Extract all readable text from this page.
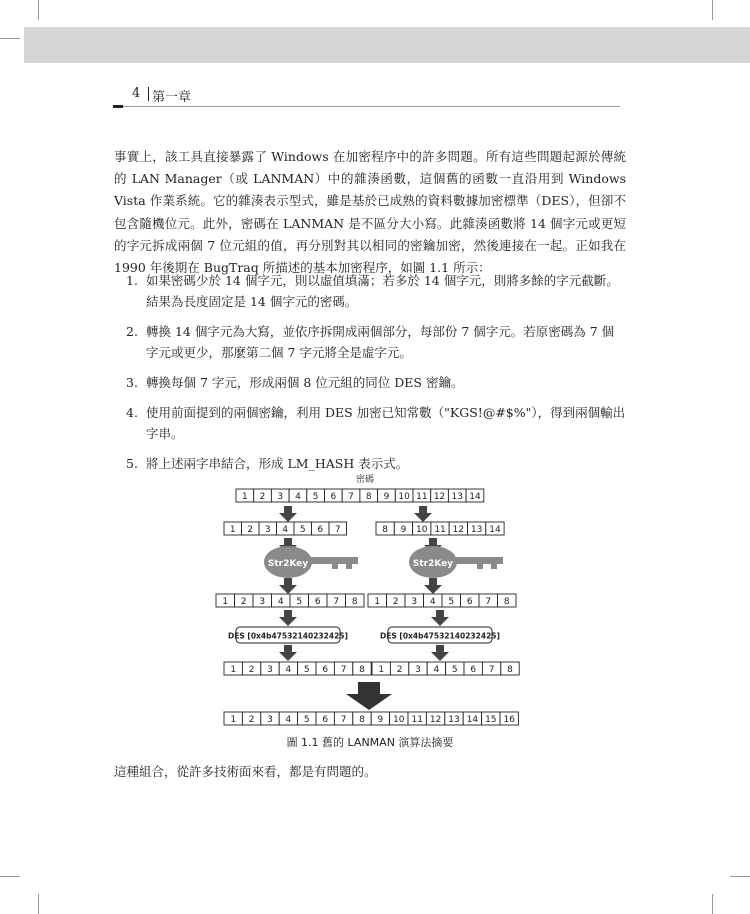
4 第一章
事實上，該工具直接暴露了 Windows 在加密程序中的許多問題。所有這些問題起源於傳統的 LAN Manager（或 LANMAN）中的雜湊函數，這個舊的函數一直沿用到 Windows Vista 作業系統。它的雜湊表示型式，雖是基於已成熟的資料數據加密標準（DES），但卻不包含隨機位元。此外，密碼在 LANMAN 是不區分大小寫。此雜湊函數將 14 個字元或更短的字元拆成兩個 7 位元組的值，再分別對其以相同的密鑰加密，然後連接在一起。正如我在 1990 年後期在 BugTraq 所描述的基本加密程序，如圖 1.1 所示：
1. 如果密碼少於 14 個字元，則以虛值填滿；若多於 14 個字元，則將多餘的字元截斷。結果為長度固定是 14 個字元的密碼。
2. 轉換 14 個字元為大寫，並依序拆開成兩個部分，每部份 7 個字元。若原密碼為 7 個字元或更少，那麼第二個 7 字元將全是虛字元。
3. 轉換每個 7 字元，形成兩個 8 位元組的同位 DES 密鑰。
4. 使用前面提到的兩個密鑰，利用 DES 加密已知常數（"KGS!@#$%"），得到兩個輸出字串。
5. 將上述兩字串結合，形成 LM_HASH 表示式。
密碼
1 2 3 4 5 6 7 8 9 10 11 12 13 14
1 2 3 4 5 6 7	8 9 10 11 12 13 14
Str2Key	Str2Key
1 2 3 4 5 6 7 8 1 2 3 4 5 6 7 8
DES [0x4b47532140232425]	DES [0x4b47532140232425]
1 2 3 4 5 6 7 8 1 2 3 4 5 6 7 8
1 2 3 4 5 6 7 8 9 10 11 12 13 14 15 16
圖 1.1 舊的 LANMAN 演算法摘要
這種組合，從許多技術面來看，都是有問題的。
